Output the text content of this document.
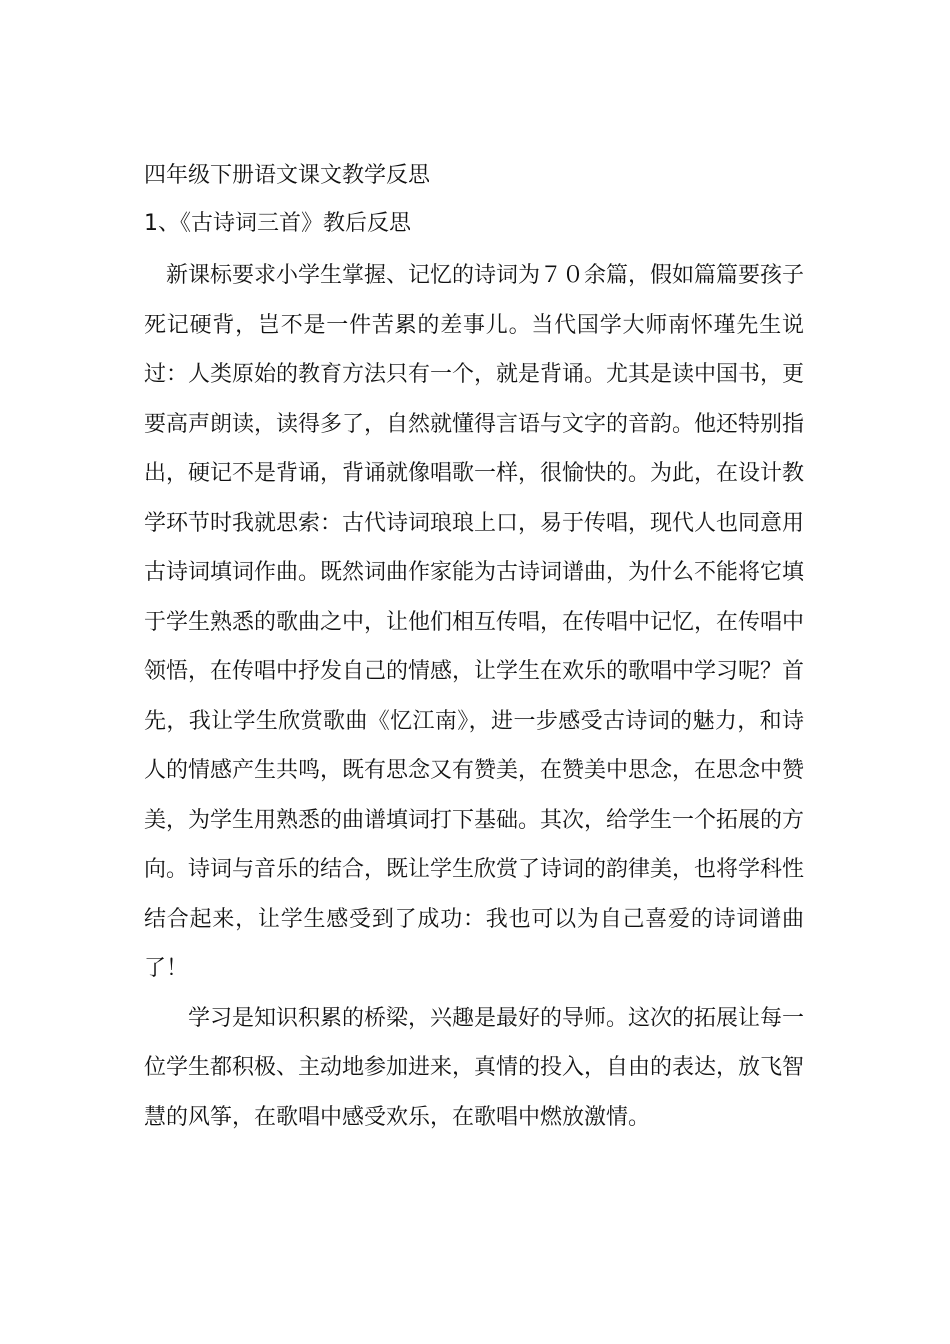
四年级下册语文课文教学反思

1、《古诗词三首》教后反思

新课标要求小学生掌握、记忆的诗词为７０余篇，假如篇篇要孩子死记硬背，岂不是一件苦累的差事儿。当代国学大师南怀瑾先生说过：人类原始的教育方法只有一个，就是背诵。尤其是读中国书，更要高声朗读，读得多了，自然就懂得言语与文字的音韵。他还特别指出，硬记不是背诵，背诵就像唱歌一样，很愉快的。为此，在设计教学环节时我就思索：古代诗词琅琅上口，易于传唱，现代人也同意用古诗词填词作曲。既然词曲作家能为古诗词谱曲，为什么不能将它填于学生熟悉的歌曲之中，让他们相互传唱，在传唱中记忆，在传唱中领悟，在传唱中抒发自己的情感，让学生在欢乐的歌唱中学习呢？首先，我让学生欣赏歌曲《忆江南》，进一步感受古诗词的魅力，和诗人的情感产生共鸣，既有思念又有赞美，在赞美中思念，在思念中赞美，为学生用熟悉的曲谱填词打下基础。其次，给学生一个拓展的方向。诗词与音乐的结合，既让学生欣赏了诗词的韵律美，也将学科性结合起来，让学生感受到了成功：我也可以为自己喜爱的诗词谱曲了！

学习是知识积累的桥梁，兴趣是最好的导师。这次的拓展让每一位学生都积极、主动地参加进来，真情的投入，自由的表达，放飞智慧的风筝，在歌唱中感受欢乐，在歌唱中燃放激情。
